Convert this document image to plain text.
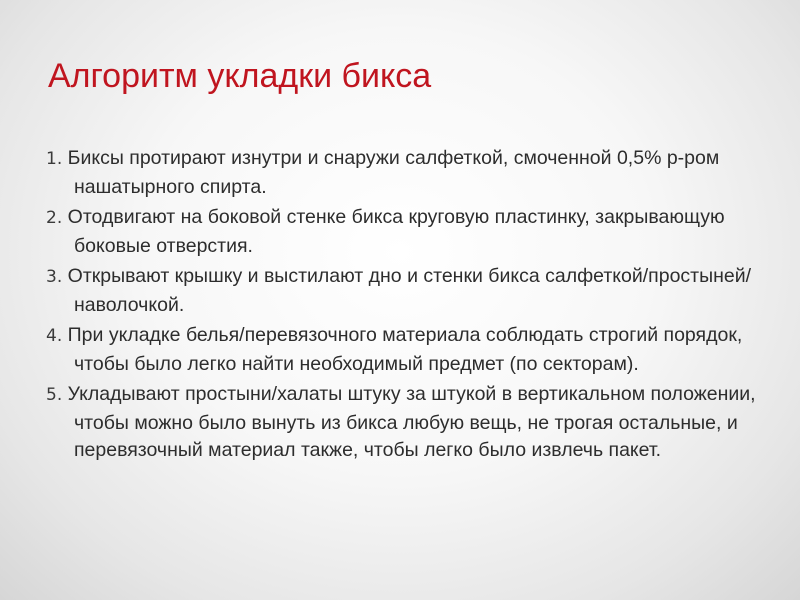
Алгоритм укладки бикса
1. Биксы протирают изнутри и снаружи салфеткой, смоченной 0,5% р-ром нашатырного спирта.
2. Отодвигают на боковой стенке бикса круговую пластинку, закрывающую боковые отверстия.
3. Открывают крышку и выстилают дно и стенки бикса салфеткой/простыней/наволочкой.
4. При укладке белья/перевязочного материала соблюдать строгий порядок, чтобы было легко найти необходимый предмет (по секторам).
5. Укладывают простыни/халаты штуку за штукой в вертикальном положении, чтобы можно было вынуть из бикса любую вещь, не трогая остальные, и перевязочный материал также, чтобы легко было извлечь пакет.
